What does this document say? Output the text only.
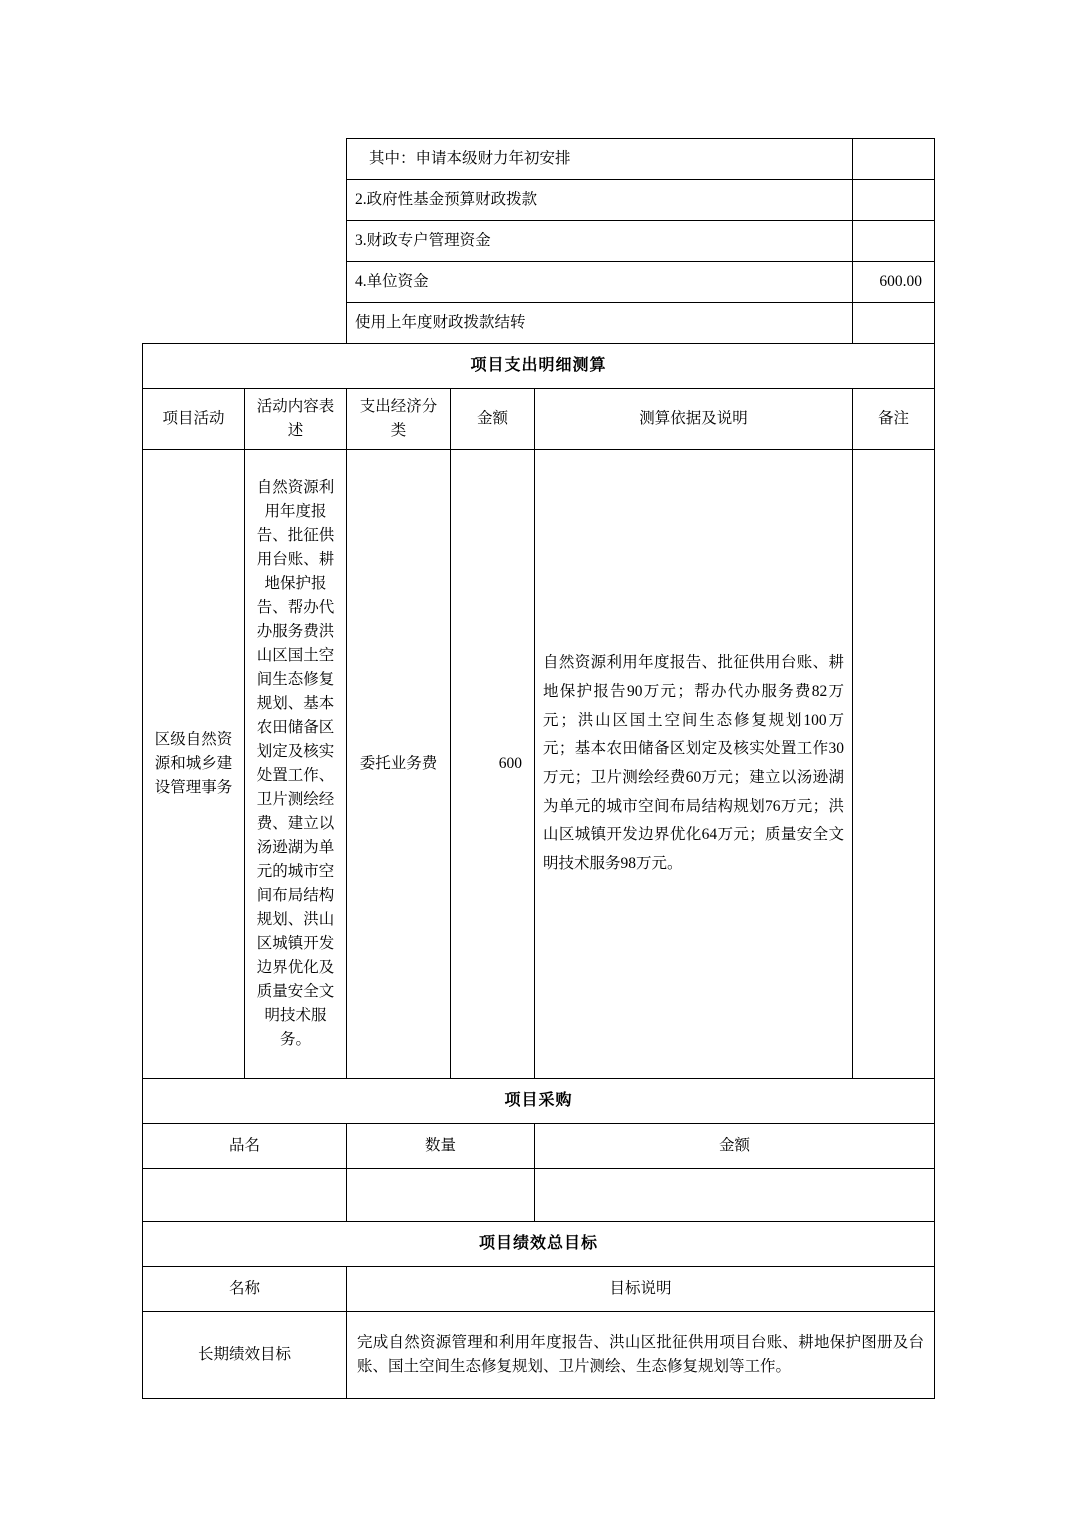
		其中：申请本级财力年初安排			
		2.政府性基金预算财政拨款			
		3.财政专户管理资金			
		4.单位资金			600.00
		使用上年度财政拨款结转			
项目支出明细测算					
项目活动	活动内容表述	支出经济分类	金额	测算依据及说明	备注
区级自然资源和城乡建设管理事务	自然资源利用年度报告、批征供用台账、耕地保护报告、帮办代办服务费洪山区国土空间生态修复规划、基本农田储备区划定及核实处置工作、卫片测绘经费、建立以汤逊湖为单元的城市空间布局结构规划、洪山区城镇开发边界优化及质量安全文明技术服务。	委托业务费	600	自然资源利用年度报告、批征供用台账、耕地保护报告90万元；帮办代办服务费82万元；洪山区国土空间生态修复规划100万元；基本农田储备区划定及核实处置工作30万元；卫片测绘经费60万元；建立以汤逊湖为单元的城市空间布局结构规划76万元；洪山区城镇开发边界优化64万元；质量安全文明技术服务98万元。	
项目采购					
品名		数量		金额	

项目绩效总目标					
名称		目标说明			
长期绩效目标		完成自然资源管理和利用年度报告、洪山区批征供用项目台账、耕地保护图册及台账、国土空间生态修复规划、卫片测绘、生态修复规划等工作。			
